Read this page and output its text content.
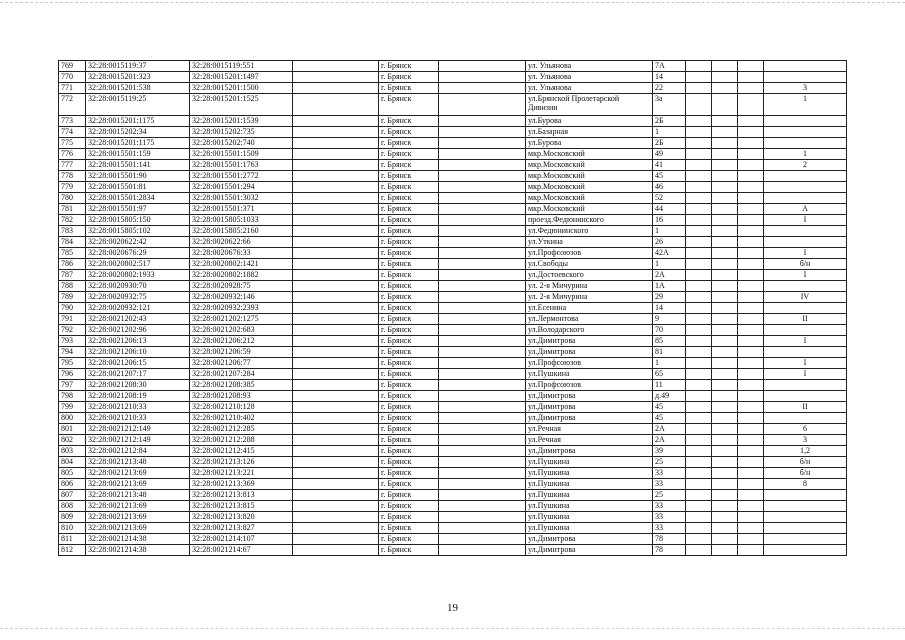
769	32:28:0015119:37	32:28:0015119:551		г. Брянск		ул. Ульянова	7А				
770	32:28:0015201:323	32:28:0015201:1497		г. Брянск		ул. Ульянова	14				
771	32:28:0015201:538	32:28:0015201:1500		г. Брянск		ул. Ульянова	22				3
772	32:28:0015119:25	32:28:0015201:1525		г. Брянск		ул.Брянской Пролетарской Дивизии	3а				1
773	32:28:0015201:1175	32:28:0015201:1539		г. Брянск		ул.Бурова	2Б				
774	32:28:0015202:34	32:28:0015202:735		г. Брянск		ул.Базарная	1				
775	32:28:0015201:1175	32:28:0015202:740		г. Брянск		ул.Бурова	2Б				
776	32:28:0015501:159	32:28:0015501:1509		г. Брянск		мкр.Московский	49				1
777	32:28:0015501:141	32:28:0015501:1763		г. Брянск		мкр.Московский	41				2
778	32:28:0015501:90	32:28:0015501:2772		г. Брянск		мкр.Московский	45				
779	32:28:0015501:81	32:28:0015501:294		г. Брянск		мкр.Московский	46				
780	32:28:0015501:2834	32:28:0015501:3032		г. Брянск		мкр.Московский	52				
781	32:28:0015501:97	32:28:0015501:371		г. Брянск		мкр.Московский	44				А
782	32:28:0015805:150	32:28:0015805:1033		г. Брянск		проезд.Федюнинского	16				I
783	32:28:0015805:102	32:28:0015805:2160		г. Брянск		ул.Федюнинского	1				
784	32:28:0020622:42	32:28:0020622:66		г. Брянск		ул.Уткина	26				
785	32:28:0020676:29	32:28:0020676:33		г. Брянск		ул.Профсоюзов	42А				I
786	32:28:0020802:517	32:28:0020802:1421		г. Брянск		ул.Свободы	1				б/н
787	32:28:0020802:1933	32:28:0020802:1882		г. Брянск		ул.Достоевского	2А				I
788	32:28:0020930:70	32:28:0020928:75		г. Брянск		ул. 2-я Мичурина	1А				
789	32:28:0020932:75	32:28:0020932:146		г. Брянск		ул. 2-я Мичурина	29				IV
790	32:28:0020932:121	32:28:0020932:2393		г. Брянск		ул.Есенина	14				
791	32:28:0021202:43	32:28:0021202:1275		г. Брянск		ул.Лермонтова	9				II
792	32:28:0021202:96	32:28:0021202:683		г. Брянск		ул.Володарского	70				
793	32:28:0021206:13	32:28:0021206:212		г. Брянск		ул.Димитрова	85				I
794	32:28:0021206:10	32:28:0021206:59		г. Брянск		ул.Димитрова	81				
795	32:28:0021206:15	32:28:0021206:77		г. Брянск		ул.Профсоюзов	1				I
796	32:28:0021207:17	32:28:0021207:284		г. Брянск		ул.Пушкина	65				I
797	32:28:0021208:30	32:28:0021208:385		г. Брянск		ул.Профсоюзов	11				
798	32:28:0021208:19	32:28:0021208:93		г. Брянск		ул.Димитрова	д.49				
799	32:28:0021210:33	32:28:0021210:128		г. Брянск		ул.Димитрова	45				II
800	32:28:0021210:33	32:28:0021210:402		г. Брянск		ул.Димитрова	45				
801	32:28:0021212:149	32:28:0021212:285		г. Брянск		ул.Речная	2А				6
802	32:28:0021212:149	32:28:0021212:288		г. Брянск		ул.Речная	2А				3
803	32:28:0021212:84	32:28:0021212:415		г. Брянск		ул.Димитрова	39				1,2
804	32:28:0021213:48	32:28:0021213:126		г. Брянск		ул.Пушкина	25				б/н
805	32:28:0021213:69	32:28:0021213:221		г. Брянск		ул.Пушкина	33				б/н
806	32:28:0021213:69	32:28:0021213:369		г. Брянск		ул.Пушкина	33				8
807	32:28:0021213:48	32:28:0021213:813		г. Брянск		ул.Пушкина	25				
808	32:28:0021213:69	32:28:0021213:815		г. Брянск		ул.Пушкина	33				
809	32:28:0021213:69	32:28:0021213:820		г. Брянск		ул.Пушкина	33				
810	32:28:0021213:69	32:28:0021213:827		г. Брянск		ул.Пушкина	33				
811	32:28:0021214:38	32:28:0021214:107		г. Брянск		ул.Димитрова	78				
812	32:28:0021214:38	32:28:0021214:67		г. Брянск		ул.Димитрова	78				
19
